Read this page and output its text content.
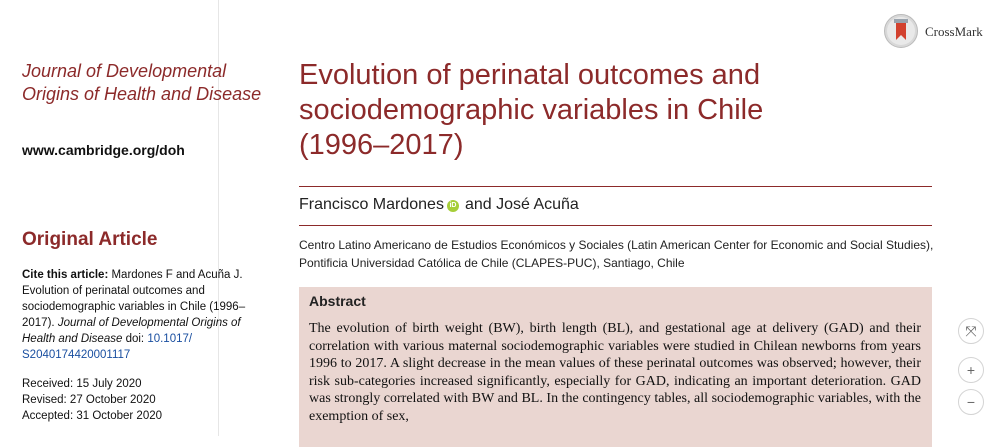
Journal of Developmental
Origins of Health and Disease
www.cambridge.org/doh
Original Article
Cite this article: Mardones F and Acuña J. Evolution of perinatal outcomes and sociodemographic variables in Chile (1996–2017). Journal of Developmental Origins of Health and Disease doi: 10.1017/ S2040174420001117
Received: 15 July 2020
Revised: 27 October 2020
Accepted: 31 October 2020
CrossMark
Evolution of perinatal outcomes and sociodemographic variables in Chile (1996–2017)
Francisco Mardones iD and José Acuña
Centro Latino Americano de Estudios Económicos y Sociales (Latin American Center for Economic and Social Studies), Pontificia Universidad Católica de Chile (CLAPES-PUC), Santiago, Chile
Abstract
The evolution of birth weight (BW), birth length (BL), and gestational age at delivery (GAD) and their correlation with various maternal sociodemographic variables were studied in Chilean newborns from years 1996 to 2017. A slight decrease in the mean values of these perinatal outcomes was observed; however, their risk sub-categories increased significantly, especially for GAD, indicating an important deterioration. GAD was strongly correlated with BW and BL. In the contingency tables, all sociodemographic variables, with the exemption of sex,
⤧
+
−
